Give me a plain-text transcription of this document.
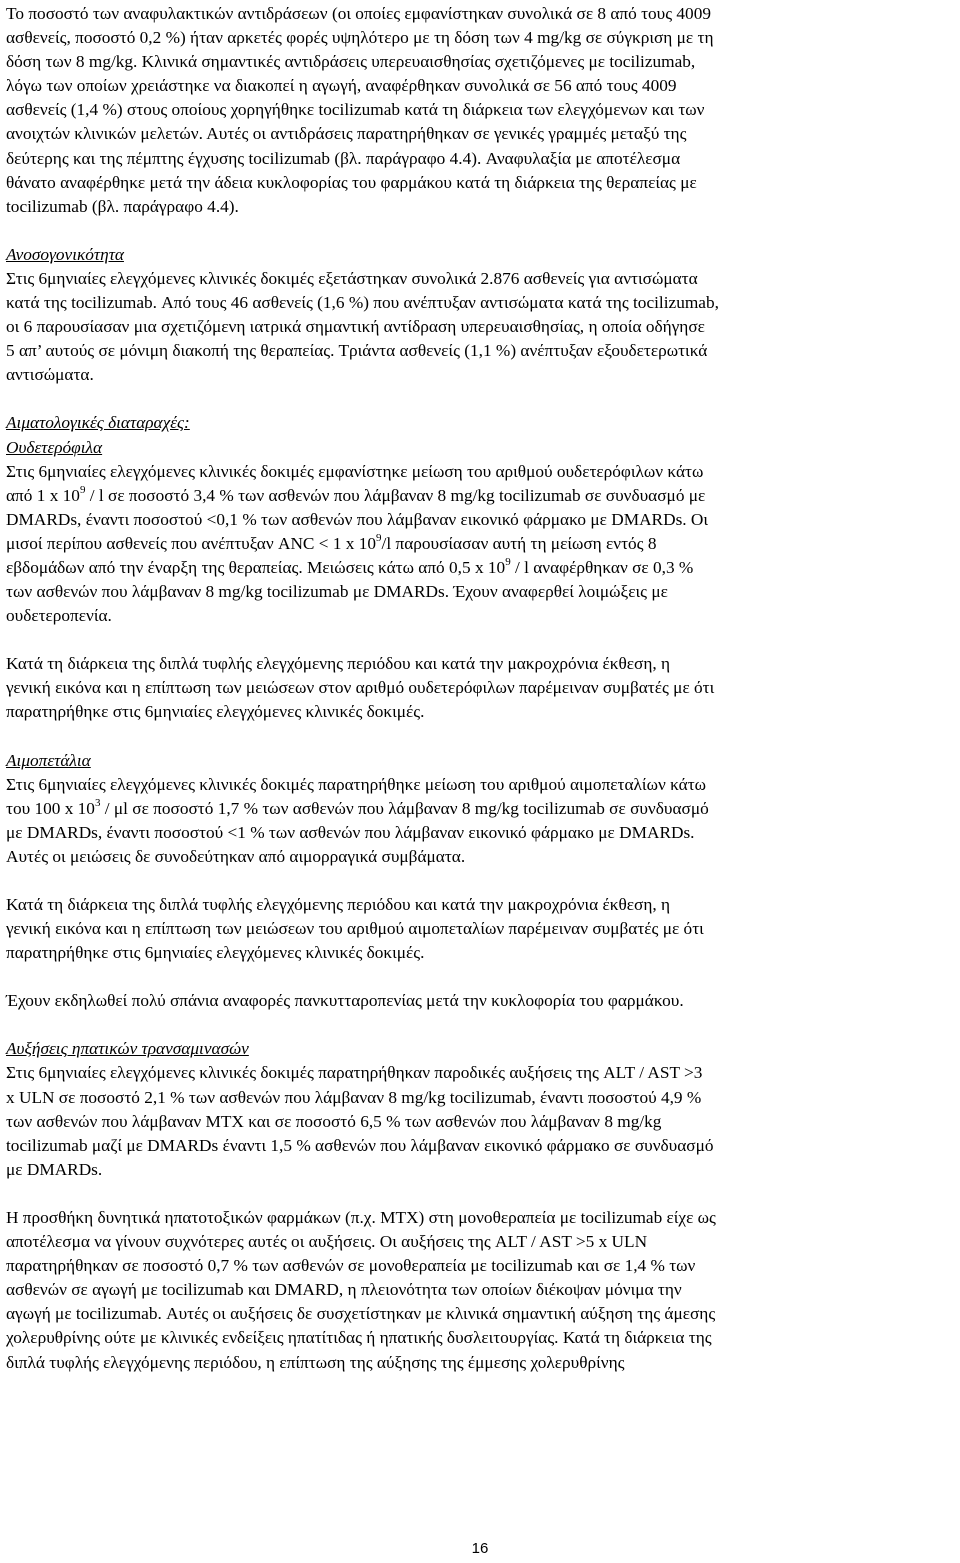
Το ποσοστό των αναφυλακτικών αντιδράσεων (οι οποίες εμφανίστηκαν συνολικά σε 8 από τους 4009
ασθενείς, ποσοστό 0,2 %) ήταν αρκετές φορές υψηλότερο με τη δόση των 4 mg/kg σε σύγκριση με τη
δόση των 8 mg/kg. Κλινικά σημαντικές αντιδράσεις υπερευαισθησίας σχετιζόμενες με tocilizumab,
λόγω των οποίων χρειάστηκε να διακοπεί η αγωγή, αναφέρθηκαν συνολικά σε 56 από τους 4009
ασθενείς (1,4 %) στους οποίους χορηγήθηκε tocilizumab κατά τη διάρκεια των ελεγχόμενων και των
ανοιχτών κλινικών μελετών. Αυτές οι αντιδράσεις παρατηρήθηκαν σε γενικές γραμμές μεταξύ της
δεύτερης και της πέμπτης έγχυσης tocilizumab (βλ. παράγραφο 4.4). Αναφυλαξία με αποτέλεσμα
θάνατο αναφέρθηκε μετά την άδεια κυκλοφορίας του φαρμάκου κατά τη διάρκεια της θεραπείας με
tocilizumab (βλ. παράγραφο 4.4).

Ανοσογονικότητα

Στις 6μηνιαίες ελεγχόμενες κλινικές δοκιμές εξετάστηκαν συνολικά 2.876 ασθενείς για αντισώματα
κατά της tocilizumab. Από τους 46 ασθενείς (1,6 %) που ανέπτυξαν αντισώματα κατά της tocilizumab,
οι 6 παρουσίασαν μια σχετιζόμενη ιατρικά σημαντική αντίδραση υπερευαισθησίας, η οποία οδήγησε
5 απ’ αυτούς σε μόνιμη διακοπή της θεραπείας. Τριάντα ασθενείς (1,1 %) ανέπτυξαν εξουδετερωτικά
αντισώματα.

Αιματολογικές διαταραχές:

Ουδετερόφιλα

Στις 6μηνιαίες ελεγχόμενες κλινικές δοκιμές εμφανίστηκε μείωση του αριθμού ουδετερόφιλων κάτω
από 1 x $10^9$ / l σε ποσοστό 3,4 % των ασθενών που λάμβαναν 8 mg/kg tocilizumab σε συνδυασμό με
DMARDs, έναντι ποσοστού <0,1 % των ασθενών που λάμβαναν εικονικό φάρμακο με DMARDs. Οι
μισοί περίπου ασθενείς που ανέπτυξαν ANC < 1 x $10^9/l$ παρουσίασαν αυτή τη μείωση εντός 8
εβδομάδων από την έναρξη της θεραπείας. Μειώσεις κάτω από 0,5 x $10^9$ / l αναφέρθηκαν σε 0,3 %
των ασθενών που λάμβαναν 8 mg/kg tocilizumab με DMARDs. Έχουν αναφερθεί λοιμώξεις με
ουδετεροπενία.

Κατά τη διάρκεια της διπλά τυφλής ελεγχόμενης περιόδου και κατά την μακροχρόνια έκθεση, η
γενική εικόνα και η επίπτωση των μειώσεων στον αριθμό ουδετερόφιλων παρέμειναν συμβατές με ότι
παρατηρήθηκε στις 6μηνιαίες ελεγχόμενες κλινικές δοκιμές.

Αιμοπετάλια

Στις 6μηνιαίες ελεγχόμενες κλινικές δοκιμές παρατηρήθηκε μείωση του αριθμού αιμοπεταλίων κάτω
του 100 x $10^3$ / μl σε ποσοστό 1,7 % των ασθενών που λάμβαναν 8 mg/kg tocilizumab σε συνδυασμό
με DMARDs, έναντι ποσοστού <1 % των ασθενών που λάμβαναν εικονικό φάρμακο με DMARDs.
Αυτές οι μειώσεις δε συνοδεύτηκαν από αιμορραγικά συμβάματα.

Κατά τη διάρκεια της διπλά τυφλής ελεγχόμενης περιόδου και κατά την μακροχρόνια έκθεση, η
γενική εικόνα και η επίπτωση των μειώσεων του αριθμού αιμοπεταλίων παρέμειναν συμβατές με ότι
παρατηρήθηκε στις 6μηνιαίες ελεγχόμενες κλινικές δοκιμές.

Έχουν εκδηλωθεί πολύ σπάνια αναφορές πανκυτταροπενίας μετά την κυκλοφορία του φαρμάκου.

Αυξήσεις ηπατικών τρανσαμινασών

Στις 6μηνιαίες ελεγχόμενες κλινικές δοκιμές παρατηρήθηκαν παροδικές αυξήσεις της ALT / AST >3
x ULN σε ποσοστό 2,1 % των ασθενών που λάμβαναν 8 mg/kg tocilizumab, έναντι ποσοστού 4,9 %
των ασθενών που λάμβαναν MTX και σε ποσοστό 6,5 % των ασθενών που λάμβαναν 8 mg/kg
tocilizumab μαζί με DMARDs έναντι 1,5 % ασθενών που λάμβαναν εικονικό φάρμακο σε συνδυασμό
με DMARDs.

Η προσθήκη δυνητικά ηπατοτοξικών φαρμάκων (π.χ. MTX) στη μονοθεραπεία με tocilizumab είχε ως
αποτέλεσμα να γίνουν συχνότερες αυτές οι αυξήσεις. Οι αυξήσεις της ALT / AST >5 x ULN
παρατηρήθηκαν σε ποσοστό 0,7 % των ασθενών σε μονοθεραπεία με tocilizumab και σε 1,4 % των
ασθενών σε αγωγή με tocilizumab και DMARD, η πλειονότητα των οποίων διέκοψαν μόνιμα την
αγωγή με tocilizumab. Αυτές οι αυξήσεις δε συσχετίστηκαν με κλινικά σημαντική αύξηση της άμεσης
χολερυθρίνης ούτε με κλινικές ενδείξεις ηπατίτιδας ή ηπατικής δυσλειτουργίας. Κατά τη διάρκεια της
διπλά τυφλής ελεγχόμενης περιόδου, η επίπτωση της αύξησης της έμμεσης χολερυθρίνης

16
